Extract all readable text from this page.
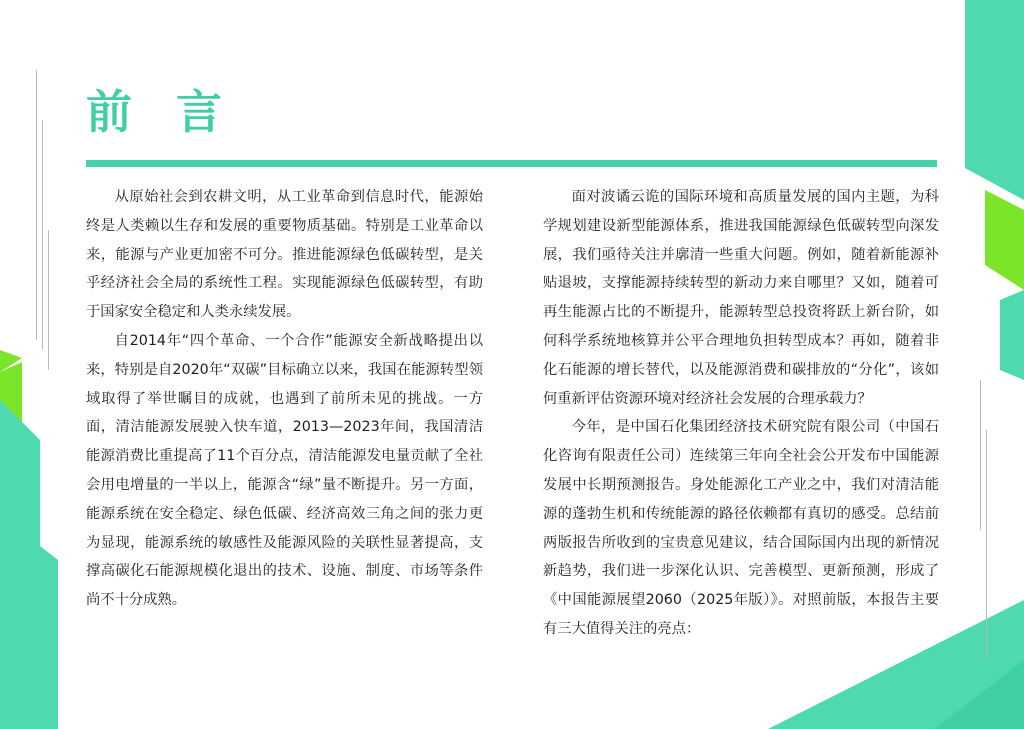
前 言

从原始社会到农耕文明，从工业革命到信息时代，能源始终是人类赖以生存和发展的重要物质基础。特别是工业革命以来，能源与产业更加密不可分。推进能源绿色低碳转型，是关乎经济社会全局的系统性工程。实现能源绿色低碳转型，有助于国家安全稳定和人类永续发展。

自2014年“四个革命、一个合作”能源安全新战略提出以来，特别是自2020年“双碳”目标确立以来，我国在能源转型领域取得了举世瞩目的成就，也遇到了前所未见的挑战。一方面，清洁能源发展驶入快车道，2013—2023年间，我国清洁能源消费比重提高了11个百分点，清洁能源发电量贡献了全社会用电增量的一半以上，能源含“绿”量不断提升。另一方面，能源系统在安全稳定、绿色低碳、经济高效三角之间的张力更为显现，能源系统的敏感性及能源风险的关联性显著提高，支撑高碳化石能源规模化退出的技术、设施、制度、市场等条件尚不十分成熟。

面对波谲云诡的国际环境和高质量发展的国内主题，为科学规划建设新型能源体系，推进我国能源绿色低碳转型向深发展，我们亟待关注并廓清一些重大问题。例如，随着新能源补贴退坡，支撑能源持续转型的新动力来自哪里？又如，随着可再生能源占比的不断提升，能源转型总投资将跃上新台阶，如何科学系统地核算并公平合理地负担转型成本？再如，随着非化石能源的增长替代，以及能源消费和碳排放的“分化”，该如何重新评估资源环境对经济社会发展的合理承载力？

今年，是中国石化集团经济技术研究院有限公司（中国石化咨询有限责任公司）连续第三年向全社会公开发布中国能源发展中长期预测报告。身处能源化工产业之中，我们对清洁能源的蓬勃生机和传统能源的路径依赖都有真切的感受。总结前两版报告所收到的宝贵意见建议，结合国际国内出现的新情况新趋势，我们进一步深化认识、完善模型、更新预测，形成了《中国能源展望2060（2025年版）》。对照前版，本报告主要有三大值得关注的亮点：
